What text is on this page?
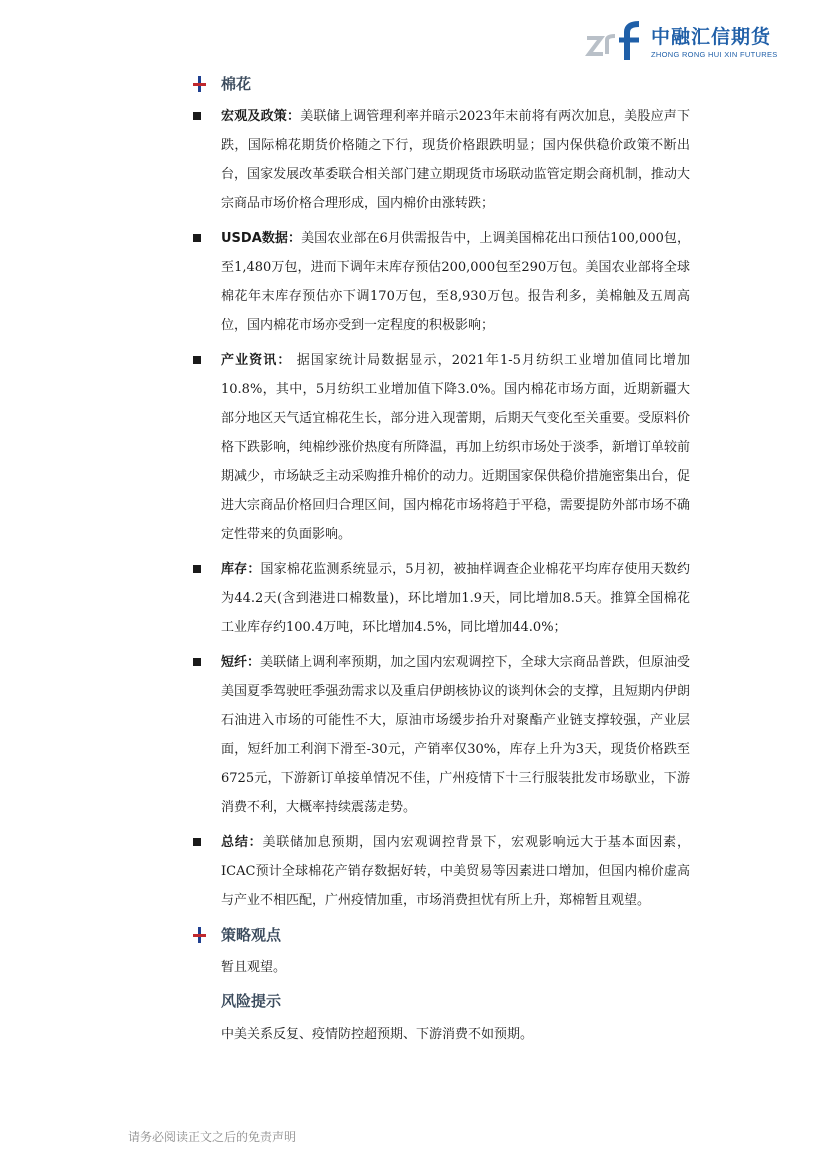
中融汇信期货
ZHONG RONG HUI XIN FUTURES
棉花

宏观及政策：美联储上调管理利率并暗示2023年末前将有两次加息，美股应声下跌，国际棉花期货价格随之下行，现货价格跟跌明显；国内保供稳价政策不断出台，国家发展改革委联合相关部门建立期现货市场联动监管定期会商机制，推动大宗商品市场价格合理形成，国内棉价由涨转跌；

USDA数据：美国农业部在6月供需报告中，上调美国棉花出口预估100,000包，至1,480万包，进而下调年末库存预估200,000包至290万包。美国农业部将全球棉花年末库存预估亦下调170万包，至8,930万包。报告利多，美棉触及五周高位，国内棉花市场亦受到一定程度的积极影响；

产业资讯： 据国家统计局数据显示，2021年1-5月纺织工业增加值同比增加10.8%，其中，5月纺织工业增加值下降3.0%。国内棉花市场方面，近期新疆大部分地区天气适宜棉花生长，部分进入现蕾期，后期天气变化至关重要。受原料价格下跌影响，纯棉纱涨价热度有所降温，再加上纺织市场处于淡季，新增订单较前期减少，市场缺乏主动采购推升棉价的动力。近期国家保供稳价措施密集出台，促进大宗商品价格回归合理区间，国内棉花市场将趋于平稳，需要提防外部市场不确定性带来的负面影响。

库存：国家棉花监测系统显示，5月初，被抽样调查企业棉花平均库存使用天数约为44.2天(含到港进口棉数量)，环比增加1.9天，同比增加8.5天。推算全国棉花工业库存约100.4万吨，环比增加4.5%，同比增加44.0%；

短纤：美联储上调利率预期，加之国内宏观调控下，全球大宗商品普跌，但原油受美国夏季驾驶旺季强劲需求以及重启伊朗核协议的谈判休会的支撑，且短期内伊朗石油进入市场的可能性不大，原油市场缓步抬升对聚酯产业链支撑较强，产业层面，短纤加工利润下滑至-30元，产销率仅30%，库存上升为3天，现货价格跌至6725元，下游新订单接单情况不佳，广州疫情下十三行服装批发市场歇业，下游消费不利，大概率持续震荡走势。

总结：美联储加息预期，国内宏观调控背景下，宏观影响远大于基本面因素，ICAC预计全球棉花产销存数据好转，中美贸易等因素进口增加，但国内棉价虚高与产业不相匹配，广州疫情加重，市场消费担忧有所上升，郑棉暂且观望。

策略观点

暂且观望。

风险提示

中美关系反复、疫情防控超预期、下游消费不如预期。

请务必阅读正文之后的免责声明
